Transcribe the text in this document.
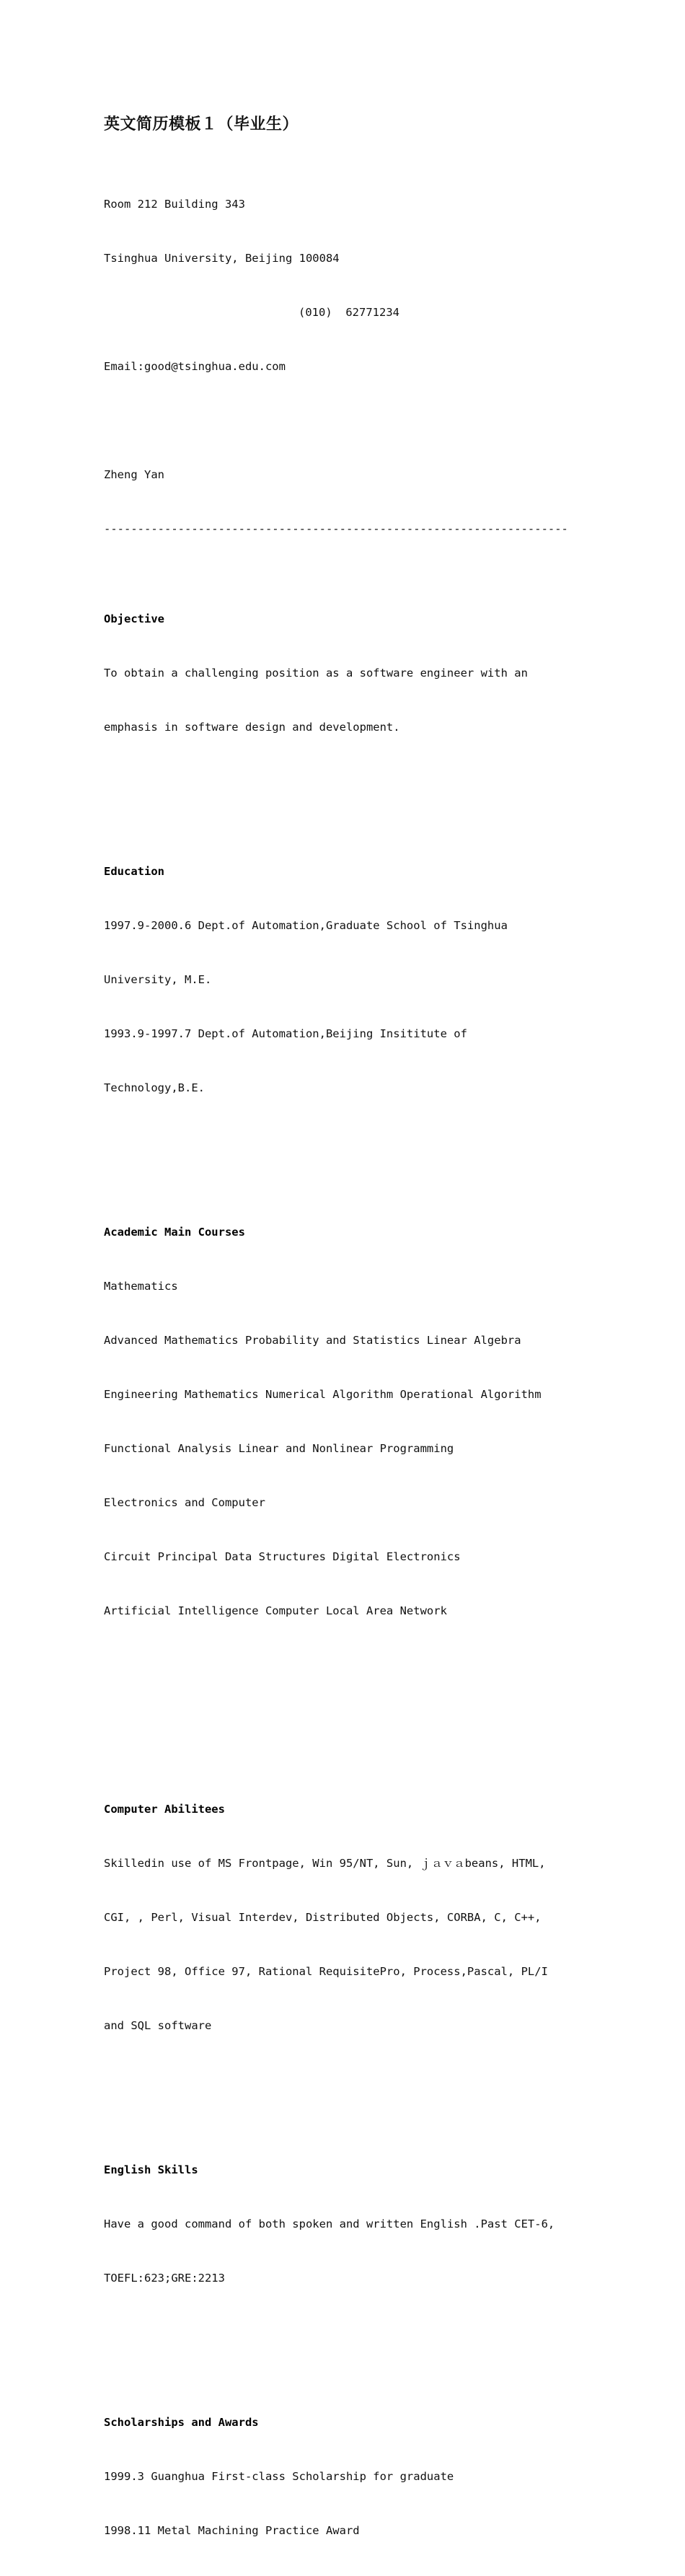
英文简历模板１（毕业生）

Room 212 Building 343

Tsinghua University, Beijing 100084

(010)  62771234

Email:good@tsinghua.edu.com

Zheng Yan

---------------------------------------------------------------------

Objective

To obtain a challenging position as a software engineer with an

emphasis in software design and development.

Education

1997.9-2000.6 Dept.of Automation,Graduate School of Tsinghua

University, M.E.

1993.9-1997.7 Dept.of Automation,Beijing Insititute of

Technology,B.E.

Academic Main Courses

Mathematics

Advanced Mathematics Probability and Statistics Linear Algebra

Engineering Mathematics Numerical Algorithm Operational Algorithm

Functional Analysis Linear and Nonlinear Programming

Electronics and Computer

Circuit Principal Data Structures Digital Electronics

Artificial Intelligence Computer Local Area Network

Computer Abilitees

Skilledin use of MS Frontpage, Win 95/NT, Sun, ｊａｖａbeans, HTML,

CGI, , Perl, Visual Interdev, Distributed Objects, CORBA, C, C++,

Project 98, Office 97, Rational RequisitePro, Process,Pascal, PL/I

and SQL software

English Skills

Have a good command of both spoken and written English .Past CET-6,

TOEFL:623;GRE:2213

Scholarships and Awards

1999.3 Guanghua First-class Scholarship for graduate

1998.11 Metal Machining Practice Award
